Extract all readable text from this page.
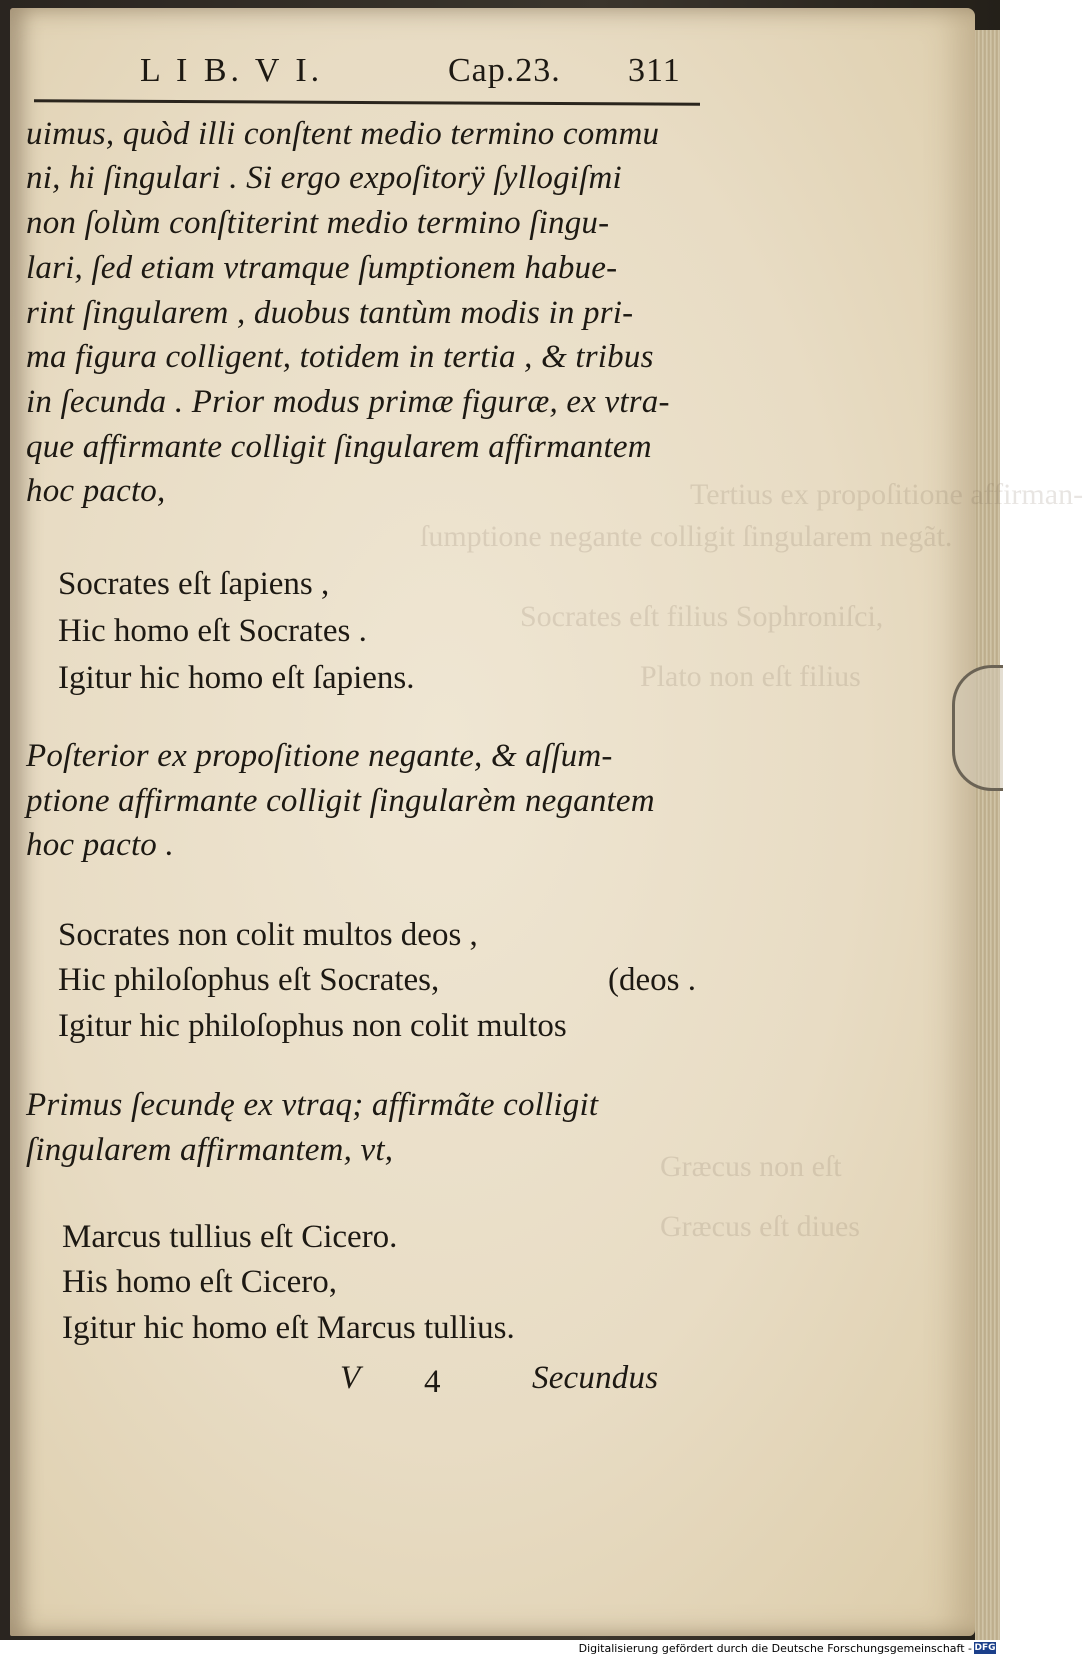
Tertius ex propoſitione affirman-
ſumptione negante colligit ſingularem negãt.
Socrates eſt filius Sophroniſci,
Plato non eſt filius
Græcus non eſt
Græcus eſt diues
L I B. V I.	Cap.23. 311
uimus, quòd illi conſtent medio termino commu
ni, hi ſingulari . Si ergo expoſitorÿ ſyllogiſmi
non ſolùm conſtiterint medio termino ſingu-
lari, ſed etiam vtramque ſumptionem habue-
rint ſingularem , duobus tantùm modis in pri-
ma figura colligent, totidem in tertia , & tribus
in ſecunda . Prior modus primæ figuræ, ex vtra-
que affirmante colligit ſingularem affirmantem
hoc pacto,
Socrates eſt ſapiens ,
Hic homo eſt Socrates .
Igitur hic homo eſt ſapiens.
Poſterior ex propoſitione negante, & aſſum-
ptione affirmante colligit ſingularèm negantem
hoc pacto .
Socrates non colit multos deos ,
Hic philoſophus eſt Socrates,	(deos .
Igitur hic philoſophus non colit multos
Primus ſecundę ex vtraq; affirmãte colligit
ſingularem affirmantem, vt,
Marcus tullius eſt Cicero.
His homo eſt Cicero,
Igitur hic homo eſt Marcus tullius.
V 4	Secundus
Digitalisierung gefördert durch die Deutsche Forschungsgemeinschaft - DFG
